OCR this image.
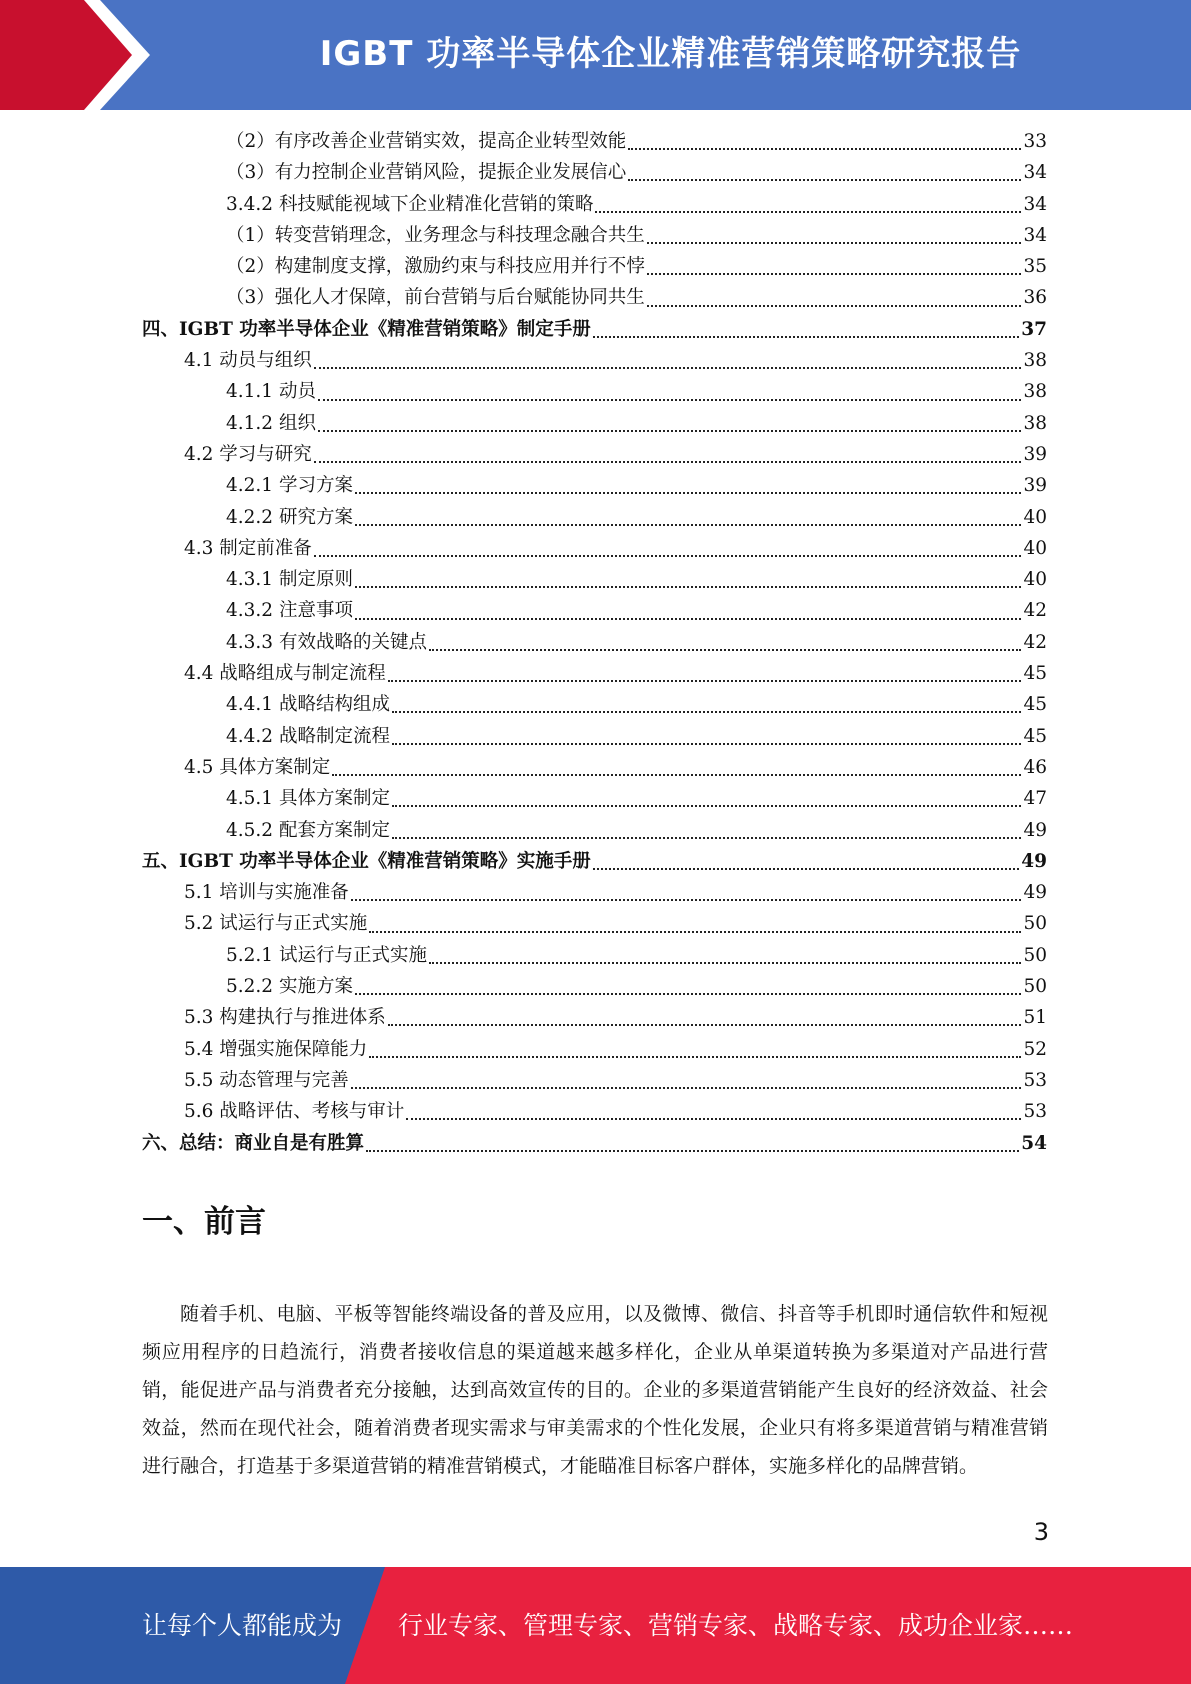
IGBT 功率半导体企业精准营销策略研究报告
（2）有序改善企业营销实效，提高企业转型效能	33
（3）有力控制企业营销风险，提振企业发展信心	34
3.4.2 科技赋能视域下企业精准化营销的策略	34
（1）转变营销理念，业务理念与科技理念融合共生	34
（2）构建制度支撑，激励约束与科技应用并行不悖	35
（3）强化人才保障，前台营销与后台赋能协同共生	36
四、IGBT 功率半导体企业《精准营销策略》制定手册	37
4.1 动员与组织	38
4.1.1 动员	38
4.1.2 组织	38
4.2 学习与研究	39
4.2.1 学习方案	39
4.2.2 研究方案	40
4.3 制定前准备	40
4.3.1 制定原则	40
4.3.2 注意事项	42
4.3.3 有效战略的关键点	42
4.4 战略组成与制定流程	45
4.4.1 战略结构组成	45
4.4.2 战略制定流程	45
4.5 具体方案制定	46
4.5.1 具体方案制定	47
4.5.2 配套方案制定	49
五、IGBT 功率半导体企业《精准营销策略》实施手册	49
5.1 培训与实施准备	49
5.2 试运行与正式实施	50
5.2.1 试运行与正式实施	50
5.2.2 实施方案	50
5.3 构建执行与推进体系	51
5.4 增强实施保障能力	52
5.5 动态管理与完善	53
5.6 战略评估、考核与审计	53
六、总结：商业自是有胜算	54
一、前言

随着手机、电脑、平板等智能终端设备的普及应用，以及微博、微信、抖音等手机即时通信软件和短视频应用程序的日趋流行，消费者接收信息的渠道越来越多样化，企业从单渠道转换为多渠道对产品进行营销，能促进产品与消费者充分接触，达到高效宣传的目的。企业的多渠道营销能产生良好的经济效益、社会效益，然而在现代社会，随着消费者现实需求与审美需求的个性化发展，企业只有将多渠道营销与精准营销进行融合，打造基于多渠道营销的精准营销模式，才能瞄准目标客户群体，实施多样化的品牌营销。

3
让每个人都能成为 行业专家、管理专家、营销专家、战略专家、成功企业家……
